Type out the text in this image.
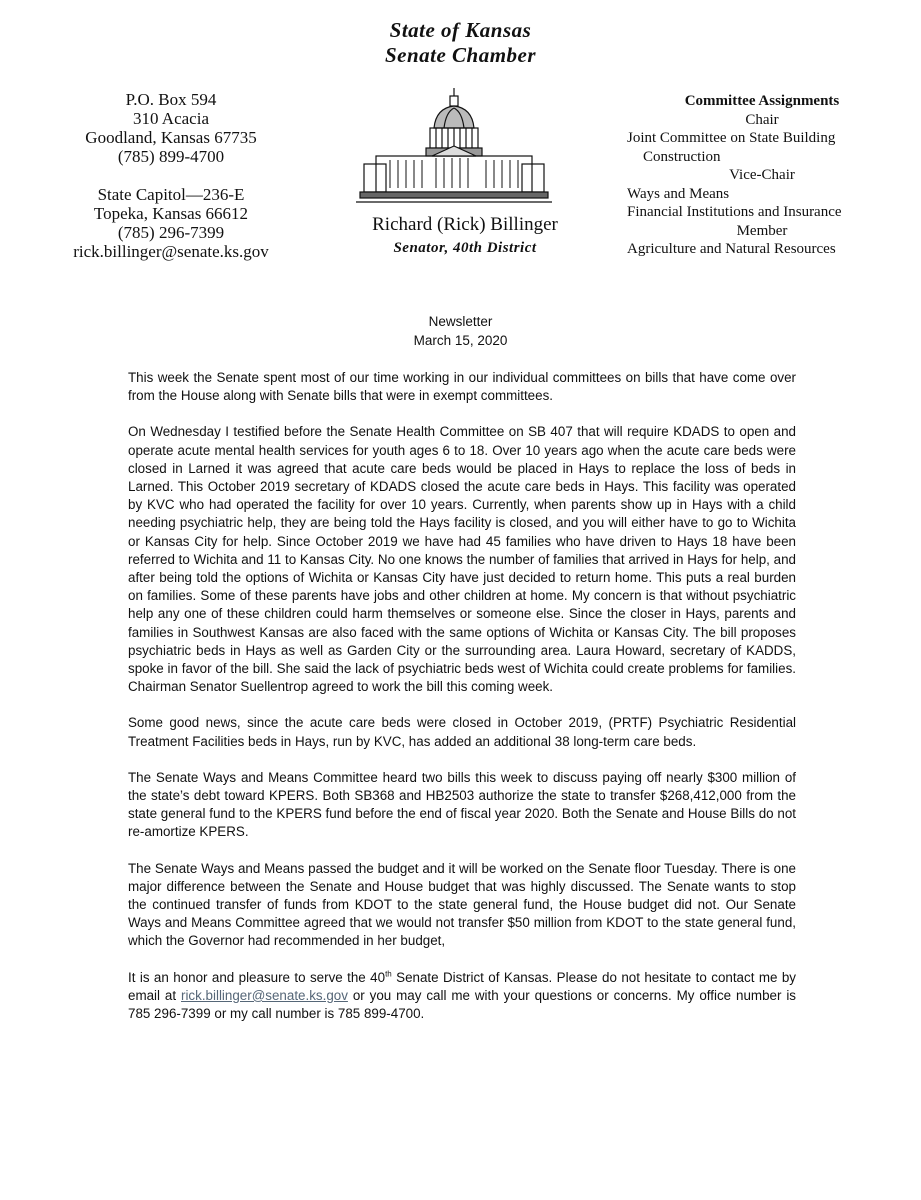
State of Kansas
Senate Chamber
P.O. Box 594
310 Acacia
Goodland, Kansas 67735
(785) 899-4700
State Capitol—236-E
Topeka, Kansas 66612
(785) 296-7399
rick.billinger@senate.ks.gov
Richard (Rick) Billinger
Senator, 40th District
Committee Assignments
Chair
Joint Committee on State Building
Construction
Vice-Chair
Ways and Means
Financial Institutions and Insurance
Member
Agriculture and Natural Resources
Newsletter
March 15, 2020

This week the Senate spent most of our time working in our individual committees on bills that have come over from the House along with Senate bills that were in exempt committees.

On Wednesday I testified before the Senate Health Committee on SB 407 that will require KDADS to open and operate acute mental health services for youth ages 6 to 18. Over 10 years ago when the acute care beds were closed in Larned it was agreed that acute care beds would be placed in Hays to replace the loss of beds in Larned. This October 2019 secretary of KDADS closed the acute care beds in Hays. This facility was operated by KVC who had operated the facility for over 10 years. Currently, when parents show up in Hays with a child needing psychiatric help, they are being told the Hays facility is closed, and you will either have to go to Wichita or Kansas City for help. Since October 2019 we have had 45 families who have driven to Hays 18 have been referred to Wichita and 11 to Kansas City. No one knows the number of families that arrived in Hays for help, and after being told the options of Wichita or Kansas City have just decided to return home. This puts a real burden on families. Some of these parents have jobs and other children at home. My concern is that without psychiatric help any one of these children could harm themselves or someone else. Since the closer in Hays, parents and families in Southwest Kansas are also faced with the same options of Wichita or Kansas City. The bill proposes psychiatric beds in Hays as well as Garden City or the surrounding area. Laura Howard, secretary of KADDS, spoke in favor of the bill. She said the lack of psychiatric beds west of Wichita could create problems for families. Chairman Senator Suellentrop agreed to work the bill this coming week.

Some good news, since the acute care beds were closed in October 2019, (PRTF) Psychiatric Residential Treatment Facilities beds in Hays, run by KVC, has added an additional 38 long-term care beds.

The Senate Ways and Means Committee heard two bills this week to discuss paying off nearly $300 million of the state’s debt toward KPERS. Both SB368 and HB2503 authorize the state to transfer $268,412,000 from the state general fund to the KPERS fund before the end of fiscal year 2020. Both the Senate and House Bills do not re-amortize KPERS.

The Senate Ways and Means passed the budget and it will be worked on the Senate floor Tuesday. There is one major difference between the Senate and House budget that was highly discussed. The Senate wants to stop the continued transfer of funds from KDOT to the state general fund, the House budget did not. Our Senate Ways and Means Committee agreed that we would not transfer $50 million from KDOT to the state general fund, which the Governor had recommended in her budget,

It is an honor and pleasure to serve the 40th Senate District of Kansas. Please do not hesitate to contact me by email at rick.billinger@senate.ks.gov or you may call me with your questions or concerns. My office number is 785 296-7399 or my call number is 785 899-4700.
